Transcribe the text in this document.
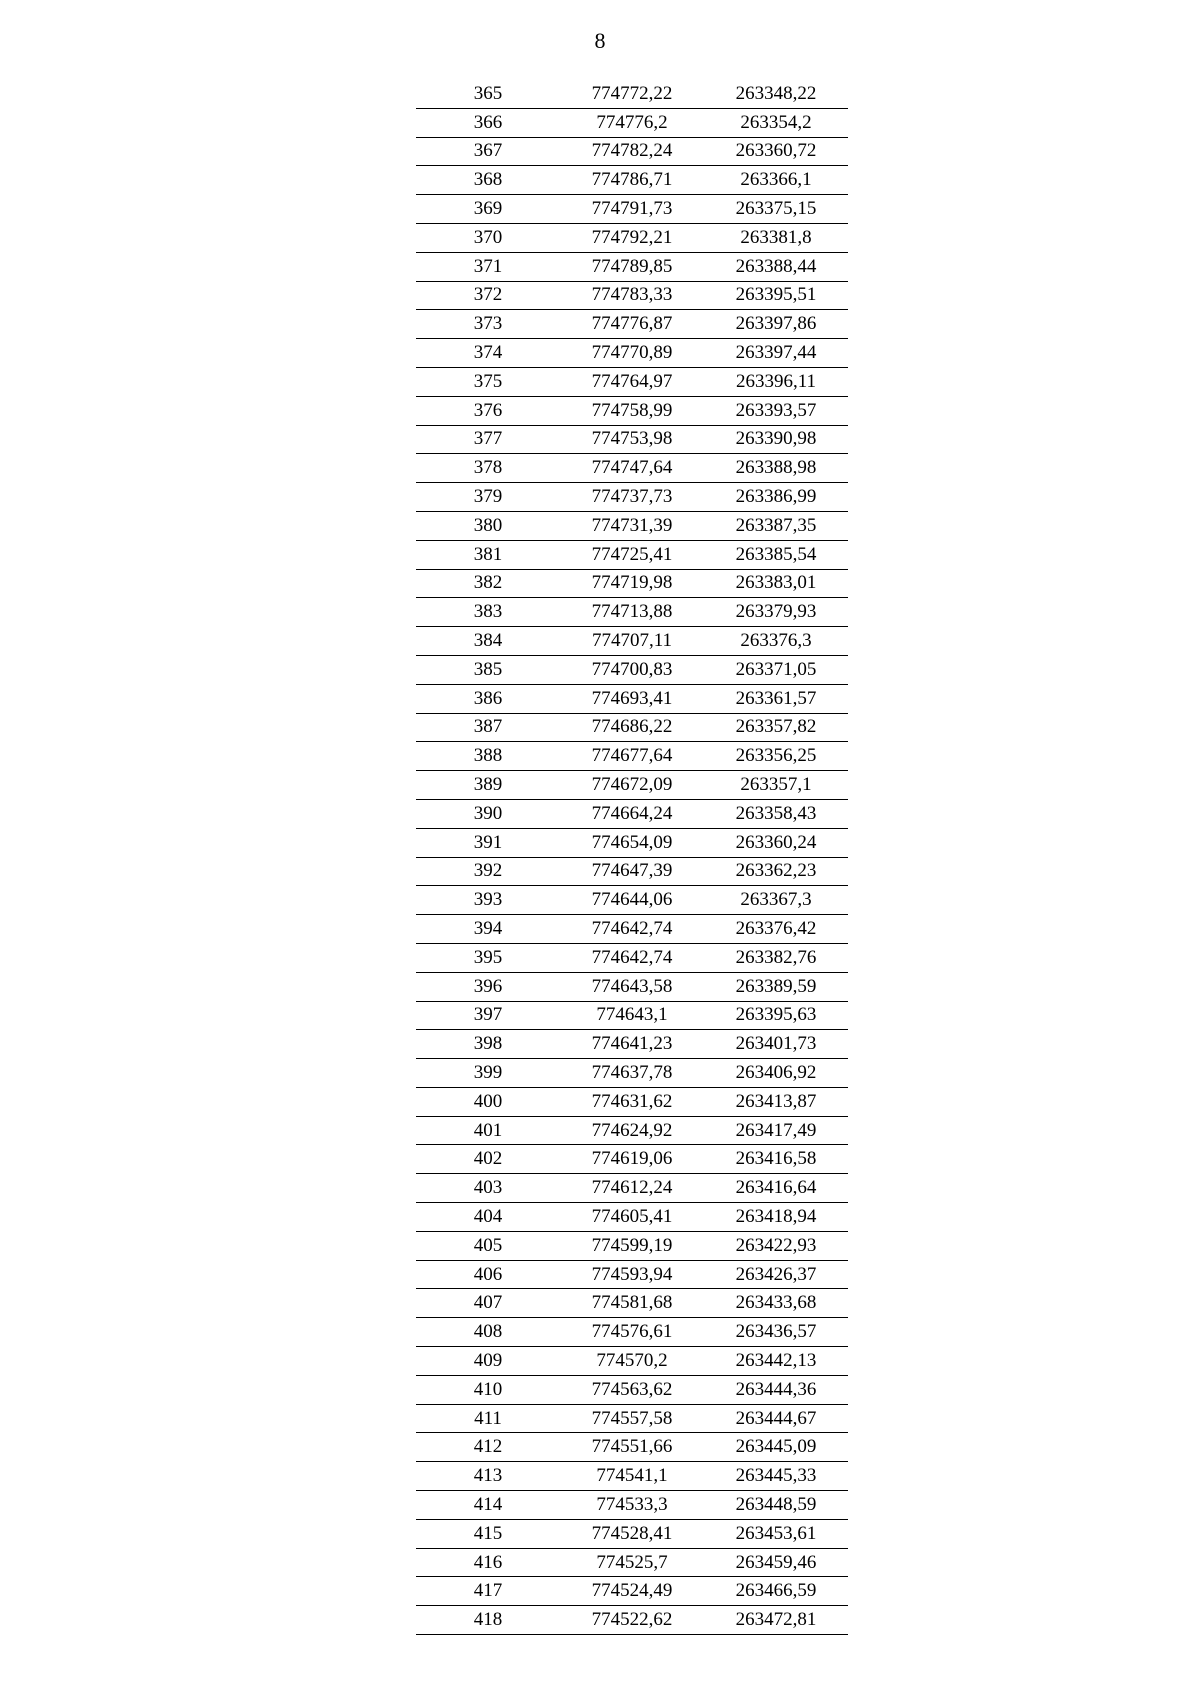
8
365	774772,22	263348,22
366	774776,2	263354,2
367	774782,24	263360,72
368	774786,71	263366,1
369	774791,73	263375,15
370	774792,21	263381,8
371	774789,85	263388,44
372	774783,33	263395,51
373	774776,87	263397,86
374	774770,89	263397,44
375	774764,97	263396,11
376	774758,99	263393,57
377	774753,98	263390,98
378	774747,64	263388,98
379	774737,73	263386,99
380	774731,39	263387,35
381	774725,41	263385,54
382	774719,98	263383,01
383	774713,88	263379,93
384	774707,11	263376,3
385	774700,83	263371,05
386	774693,41	263361,57
387	774686,22	263357,82
388	774677,64	263356,25
389	774672,09	263357,1
390	774664,24	263358,43
391	774654,09	263360,24
392	774647,39	263362,23
393	774644,06	263367,3
394	774642,74	263376,42
395	774642,74	263382,76
396	774643,58	263389,59
397	774643,1	263395,63
398	774641,23	263401,73
399	774637,78	263406,92
400	774631,62	263413,87
401	774624,92	263417,49
402	774619,06	263416,58
403	774612,24	263416,64
404	774605,41	263418,94
405	774599,19	263422,93
406	774593,94	263426,37
407	774581,68	263433,68
408	774576,61	263436,57
409	774570,2	263442,13
410	774563,62	263444,36
411	774557,58	263444,67
412	774551,66	263445,09
413	774541,1	263445,33
414	774533,3	263448,59
415	774528,41	263453,61
416	774525,7	263459,46
417	774524,49	263466,59
418	774522,62	263472,81
